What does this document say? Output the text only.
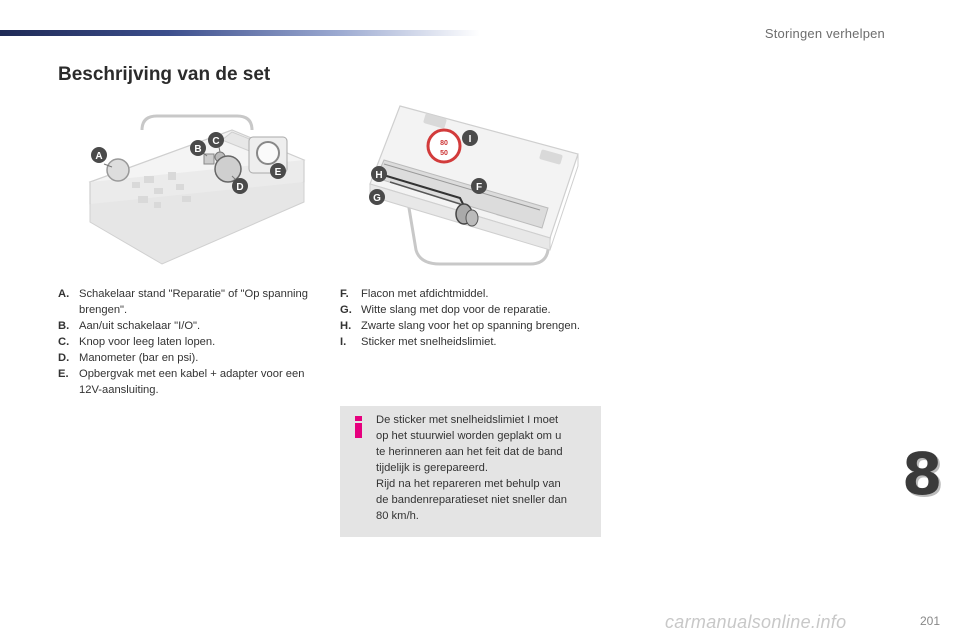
Storingen verhelpen
Beschrijving van de set
A
B
C
D
E
80
50
I
F
H
G
A. Schakelaar stand "Reparatie" of "Op spanning brengen".
B. Aan/uit schakelaar "I/O".
C. Knop voor leeg laten lopen.
D. Manometer (bar en psi).
E. Opbergvak met een kabel + adapter voor een 12V-aansluiting.
F.	Flacon met afdichtmiddel.
G. Witte slang met dop voor de reparatie.
H. Zwarte slang voor het op spanning brengen.
I.	Sticker met snelheidslimiet.
De sticker met snelheidslimiet I moet
op het stuurwiel worden geplakt om u
te herinneren aan het feit dat de band
tijdelijk is gerepareerd.
Rijd na het repareren met behulp van
de bandenreparatieset niet sneller dan
80 km/h.
8
carmanualsonline.info	201
